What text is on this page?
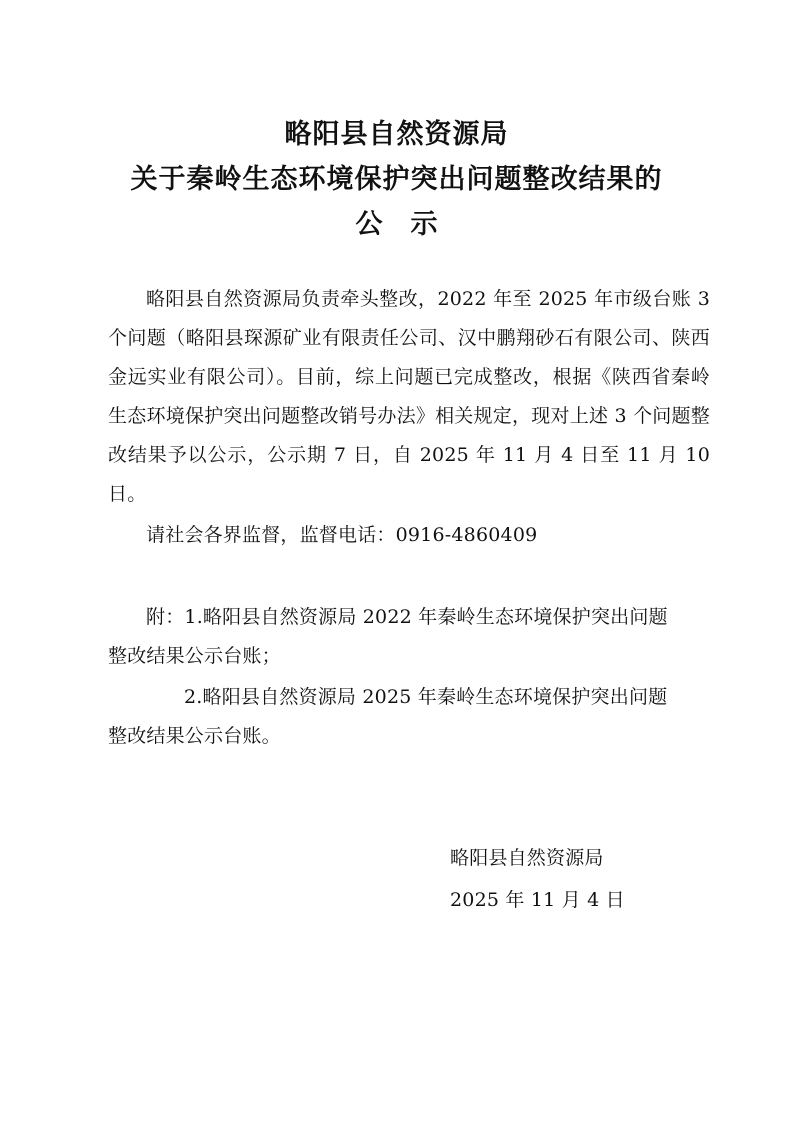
略阳县自然资源局
关于秦岭生态环境保护突出问题整改结果的
公示
略阳县自然资源局负责牵头整改，2022 年至 2025 年市级台账 3 个问题（略阳县琛源矿业有限责任公司、汉中鹏翔砂石有限公司、陕西金远实业有限公司）。目前，综上问题已完成整改，根据《陕西省秦岭生态环境保护突出问题整改销号办法》相关规定，现对上述 3 个问题整改结果予以公示，公示期 7 日，自 2025 年 11 月 4 日至 11 月 10 日。
请社会各界监督，监督电话：0916-4860409
附：1.略阳县自然资源局 2022 年秦岭生态环境保护突出问题
整改结果公示台账；
2.略阳县自然资源局 2025 年秦岭生态环境保护突出问题
整改结果公示台账。
略阳县自然资源局
2025 年 11 月 4 日
